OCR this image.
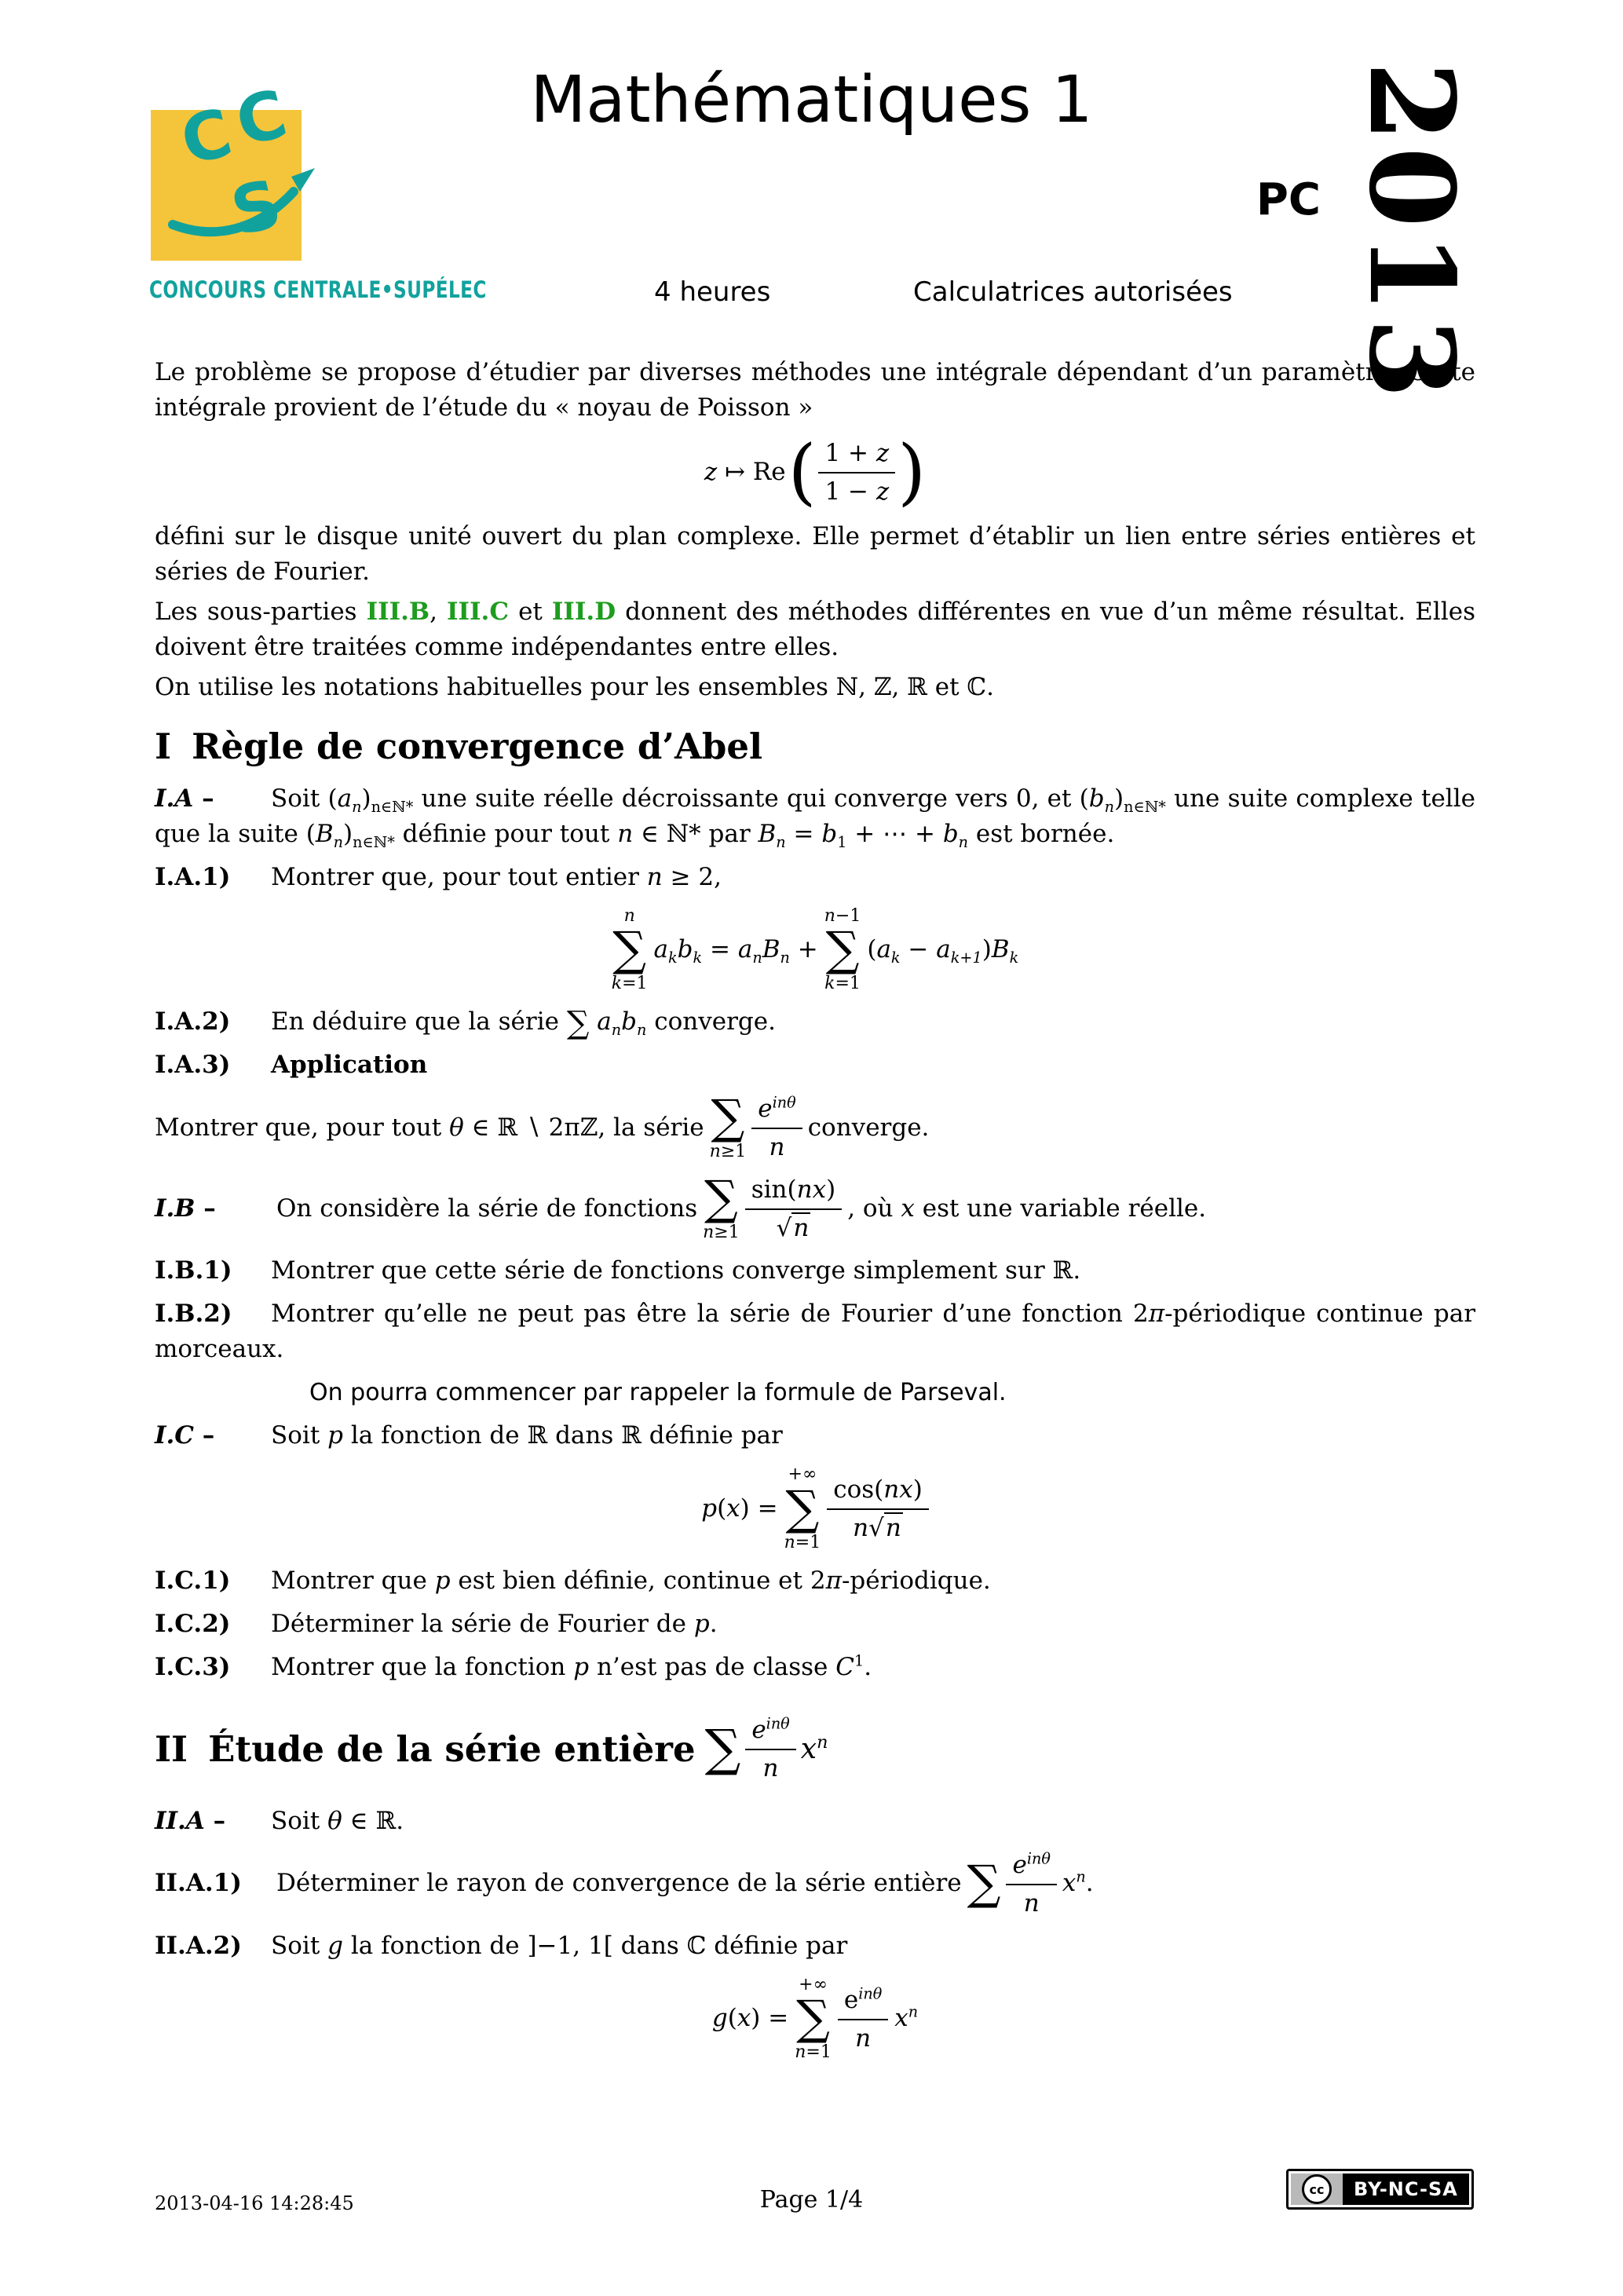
C
C
S
CONCOURS CENTRALE•SUPÉLEC
Mathématiques 1
PC 2013
4 heures	Calculatrices autorisées

Le problème se propose d’étudier par diverses méthodes une intégrale dépendant d’un paramètre. Cette intégrale provient de l’étude du « noyau de Poisson »

z ↦ Re ( $\frac{1 + z}{1 - z}$ )

défini sur le disque unité ouvert du plan complexe. Elle permet d’établir un lien entre séries entières et séries de Fourier.

Les sous-parties III.B, III.C et III.D donnent des méthodes différentes en vue d’un même résultat. Elles doivent être traitées comme indépendantes entre elles.

On utilise les notations habituelles pour les ensembles ℕ, ℤ, ℝ et ℂ.

I Règle de convergence d’Abel

I.A – Soit $(a_n)_{n\in ℕ*}$ une suite réelle décroissante qui converge vers 0, et $(b_n)_{n\in ℕ*}$ une suite complexe telle que la suite $(B_n)_{n\in ℕ*}$ définie pour tout n ∈ ℕ* par $B_n = b_1$ + ⋯ + $b_n$ est bornée.

I.A.1) Montrer que, pour tout entier n ≥ 2,

n
∑
k=1
$a_kb_k = a_nB_n$ +
n−1
∑
k=1
$(a_k - a_{k+1})B_k$

I.A.2) En déduire que la série ∑ $a_nb_n$ converge.

I.A.3) Application

Montrer que, pour tout θ ∈ ℝ ∖ 2πℤ, la série ∑
$n\ge 1 \frac{e^{in\theta}}{n}$ converge.
I.B –	On considère la série de fonctions ∑
$n\ge 1 \frac{\sin(nx)}{√n}$ , où x est une variable réelle.

I.B.1) Montrer que cette série de fonctions converge simplement sur ℝ.

I.B.2) Montrer qu’elle ne peut pas être la série de Fourier d’une fonction 2π-périodique continue par morceaux.

On pourra commencer par rappeler la formule de Parseval.

I.C – Soit p la fonction de ℝ dans ℝ définie par

p(x) =
+∞
∑
$n=1 \frac{\cos(nx)}{n√n}$

I.C.1) Montrer que p est bien définie, continue et 2π-périodique.

I.C.2) Déterminer la série de Fourier de p.

I.C.3) Montrer que la fonction p n’est pas de classe $C^1$.

II Étude de la série entière ∑ $\frac{e^{in\theta}}{n} x^n$

II.A – Soit θ ∈ ℝ.

II.A.1)	Déterminer le rayon de convergence de la série entière ∑ $\frac{e^{in\theta}}{n} x^n$.

II.A.2) Soit g la fonction de ]−1, 1[ dans ℂ définie par

g(x) =
+∞
∑
$n=1 \frac{e^{in\theta}}{n} x^n$
2013-04-16 14:28:45	Page 1/4	cc	BY-NC-SA
